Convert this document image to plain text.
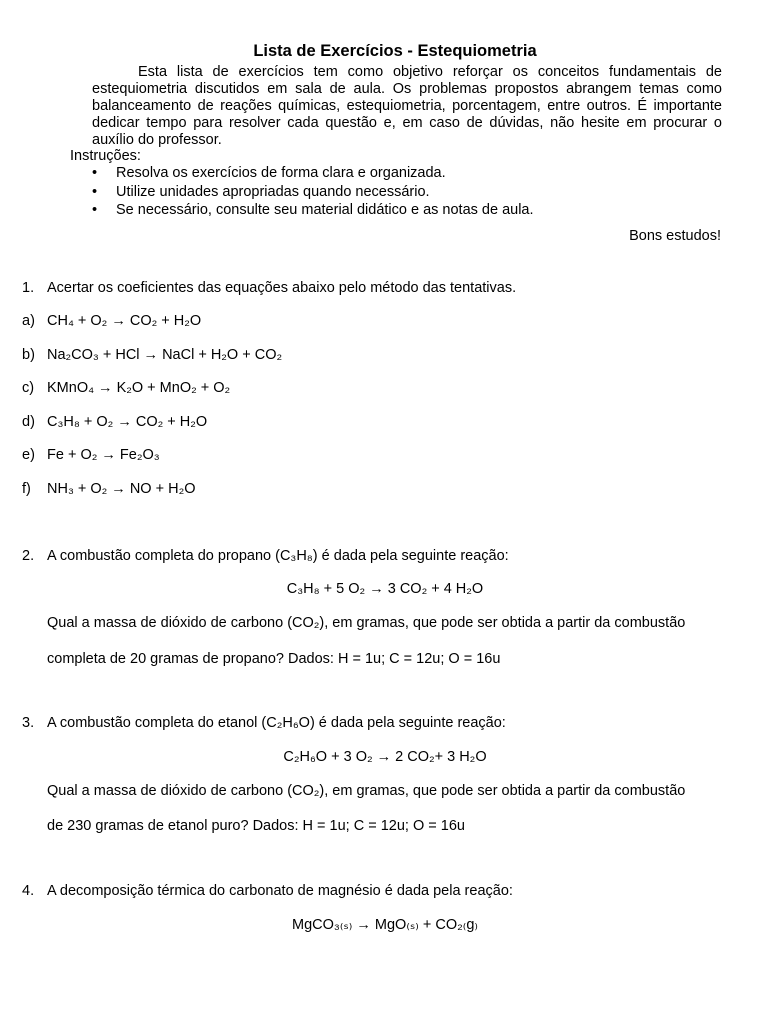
Lista de Exercícios - Estequiometria
Esta lista de exercícios tem como objetivo reforçar os conceitos fundamentais de estequiometria discutidos em sala de aula. Os problemas propostos abrangem temas como balanceamento de reações químicas, estequiometria, porcentagem, entre outros. É importante dedicar tempo para resolver cada questão e, em caso de dúvidas, não hesite em procurar o auxílio do professor.
Instruções:
• Resolva os exercícios de forma clara e organizada.
• Utilize unidades apropriadas quando necessário.
• Se necessário, consulte seu material didático e as notas de aula.
Bons estudos!
1. Acertar os coeficientes das equações abaixo pelo método das tentativas.
a) CH₄ + O₂ → CO₂ + H₂O
b) Na₂CO₃ + HCl → NaCl + H₂O + CO₂
c) KMnO₄ → K₂O + MnO₂ + O₂
d) C₃H₈ + O₂ → CO₂ + H₂O
e) Fe + O₂ → Fe₂O₃
f) NH₃ + O₂ → NO + H₂O
2. A combustão completa do propano (C₃H₈) é dada pela seguinte reação:
C₃H₈ + 5 O₂ → 3 CO₂ + 4 H₂O
Qual a massa de dióxido de carbono (CO₂), em gramas, que pode ser obtida a partir da combustão
completa de 20 gramas de propano? Dados: H = 1u; C = 12u; O = 16u
3. A combustão completa do etanol (C₂H₆O) é dada pela seguinte reação:
C₂H₆O + 3 O₂ → 2 CO₂+ 3 H₂O
Qual a massa de dióxido de carbono (CO₂), em gramas, que pode ser obtida a partir da combustão
de 230 gramas de etanol puro? Dados: H = 1u; C = 12u; O = 16u
4. A decomposição térmica do carbonato de magnésio é dada pela reação:
MgCO₃₍ₛ₎ → MgO₍ₛ₎ + CO₂₍g₎
